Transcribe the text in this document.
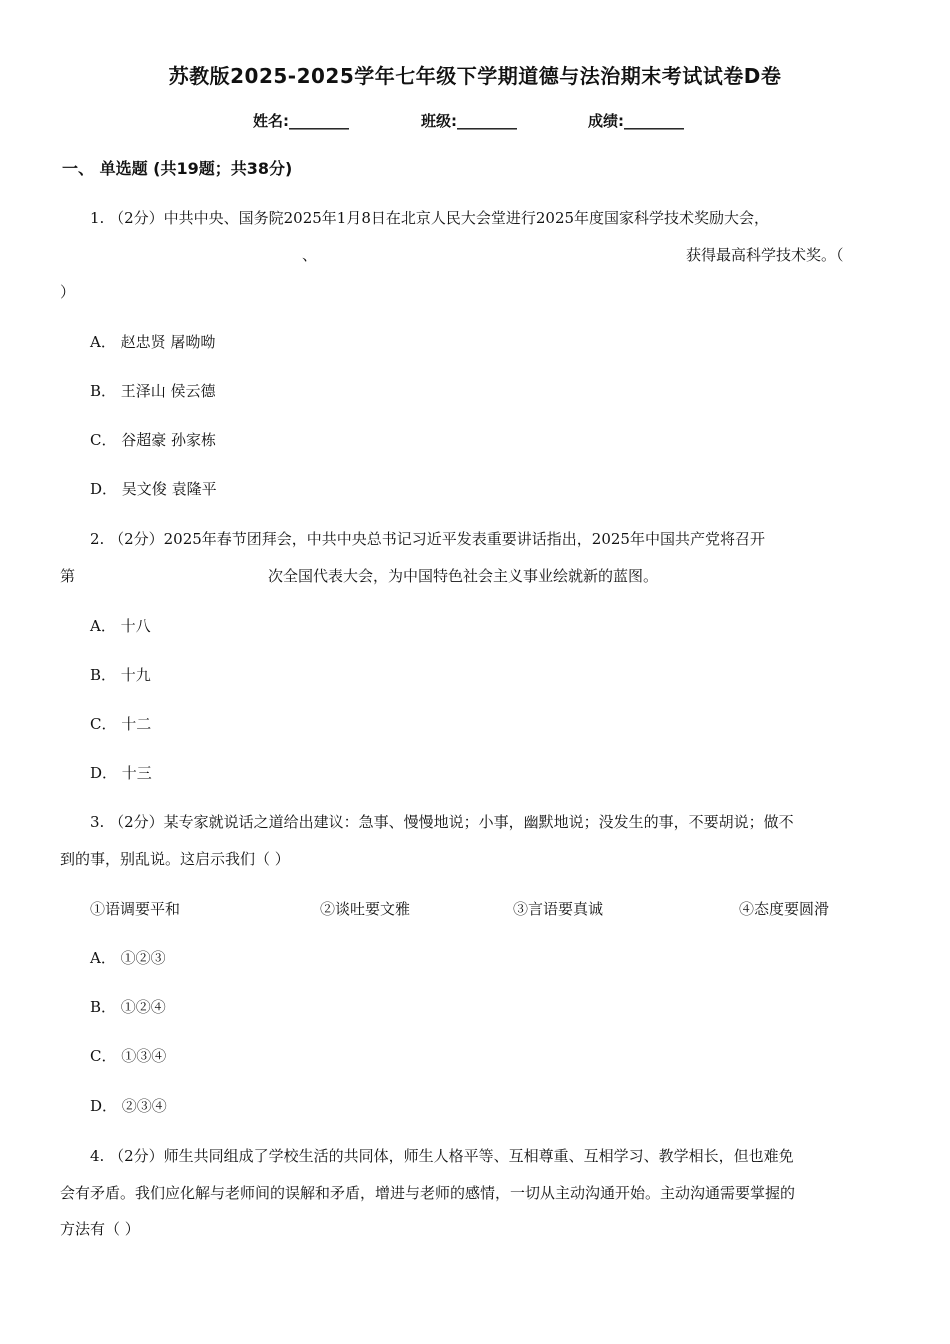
苏教版2025-2025学年七年级下学期道德与法治期末考试试卷D卷
姓名:________	班级:________	成绩:________
一、 单选题 (共19题；共38分)
1. （2分）中共中央、国务院2025年1月8日在北京人民大会堂进行2025年度国家科学技术奖励大会，
、	获得最高科学技术奖。（
）
A． 赵忠贤 屠呦呦
B． 王泽山 侯云德
C． 谷超豪 孙家栋
D． 吴文俊 袁隆平
2. （2分）2025年春节团拜会，中共中央总书记习近平发表重要讲话指出，2025年中国共产党将召开
第	次全国代表大会，为中国特色社会主义事业绘就新的蓝图。
A． 十八
B． 十九
C． 十二
D． 十三
3. （2分）某专家就说话之道给出建议：急事、慢慢地说；小事，幽默地说；没发生的事，不要胡说；做不
到的事，别乱说。这启示我们（ ）
①语调要平和	②谈吐要文雅	③言语要真诚	④态度要圆滑
A． ①②③
B． ①②④
C． ①③④
D． ②③④
4. （2分）师生共同组成了学校生活的共同体，师生人格平等、互相尊重、互相学习、教学相长，但也难免
会有矛盾。我们应化解与老师间的误解和矛盾，增进与老师的感情，一切从主动沟通开始。主动沟通需要掌握的
方法有（ ）
